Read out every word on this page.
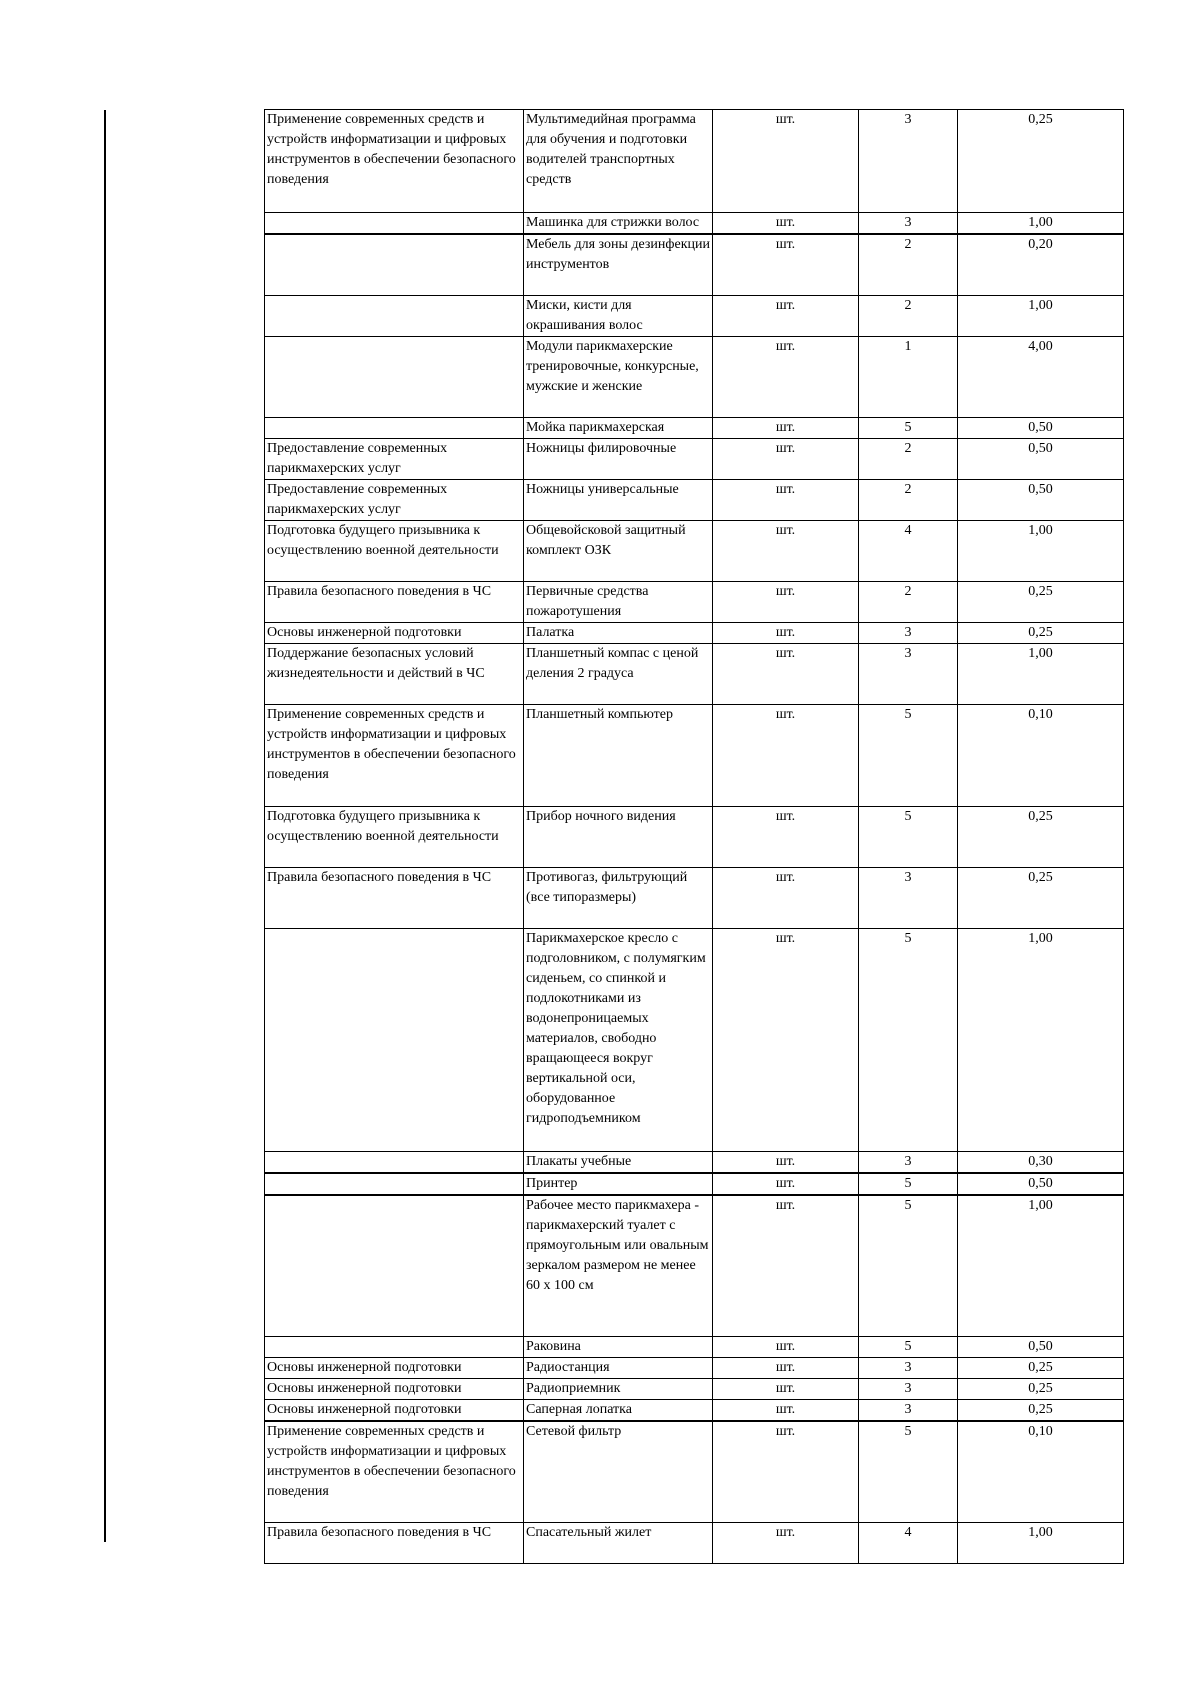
Применение современных средств и устройств информатизации и цифровых инструментов в обеспечении безопасного поведения	Мультимедийная программа для обучения и подготовки водителей транспортных средств	шт.	3	0,25
	Машинка для стрижки волос	шт.	3	1,00
	Мебель для зоны дезинфекции инструментов	шт.	2	0,20
	Миски, кисти для окрашивания волос	шт.	2	1,00
	Модули парикмахерские тренировочные, конкурсные, мужские и женские	шт.	1	4,00
	Мойка парикмахерская	шт.	5	0,50
Предоставление современных парикмахерских услуг	Ножницы филировочные	шт.	2	0,50
Предоставление современных парикмахерских услуг	Ножницы универсальные	шт.	2	0,50
Подготовка будущего призывника к осуществлению военной деятельности	Общевойсковой защитный комплект ОЗК	шт.	4	1,00
Правила безопасного поведения в ЧС	Первичные средства пожаротушения	шт.	2	0,25
Основы инженерной подготовки	Палатка	шт.	3	0,25
Поддержание безопасных условий жизнедеятельности и действий в ЧС	Планшетный компас с ценой деления 2 градуса	шт.	3	1,00
Применение современных средств и устройств информатизации и цифровых инструментов в обеспечении безопасного поведения	Планшетный компьютер	шт.	5	0,10
Подготовка будущего призывника к осуществлению военной деятельности	Прибор ночного видения	шт.	5	0,25
Правила безопасного поведения в ЧС	Противогаз, фильтрующий (все типоразмеры)	шт.	3	0,25
	Парикмахерское кресло с подголовником, с полумягким сиденьем, со спинкой и подлокотниками из водонепроницаемых материалов, свободно вращающееся вокруг вертикальной оси, оборудованное гидроподъемником	шт.	5	1,00
	Плакаты учебные	шт.	3	0,30
	Принтер	шт.	5	0,50
	Рабочее место парикмахера - парикмахерский туалет с прямоугольным или овальным зеркалом размером не менее 60 х 100 см	шт.	5	1,00
	Раковина	шт.	5	0,50
Основы инженерной подготовки	Радиостанция	шт.	3	0,25
Основы инженерной подготовки	Радиоприемник	шт.	3	0,25
Основы инженерной подготовки	Саперная лопатка	шт.	3	0,25
Применение современных средств и устройств информатизации и цифровых инструментов в обеспечении безопасного поведения	Сетевой фильтр	шт.	5	0,10
Правила безопасного поведения в ЧС	Спасательный жилет	шт.	4	1,00
